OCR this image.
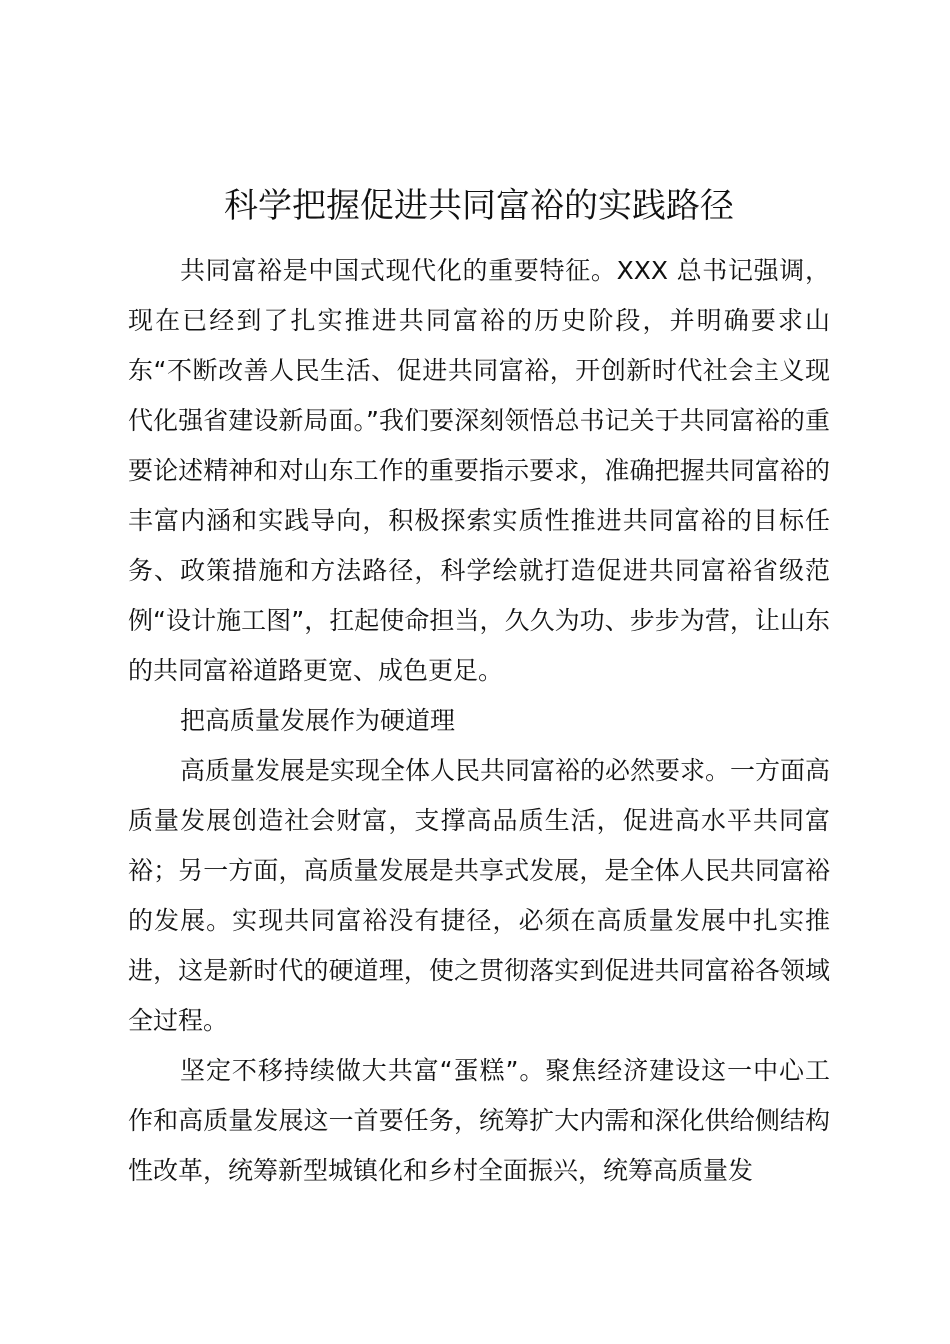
科学把握促进共同富裕的实践路径

共同富裕是中国式现代化的重要特征。XXX 总书记强调，现在已经到了扎实推进共同富裕的历史阶段，并明确要求山东“不断改善人民生活、促进共同富裕，开创新时代社会主义现代化强省建设新局面。”我们要深刻领悟总书记关于共同富裕的重要论述精神和对山东工作的重要指示要求，准确把握共同富裕的丰富内涵和实践导向，积极探索实质性推进共同富裕的目标任务、政策措施和方法路径，科学绘就打造促进共同富裕省级范例“设计施工图”，扛起使命担当，久久为功、步步为营，让山东的共同富裕道路更宽、成色更足。

把高质量发展作为硬道理

高质量发展是实现全体人民共同富裕的必然要求。一方面高质量发展创造社会财富，支撑高品质生活，促进高水平共同富裕；另一方面，高质量发展是共享式发展，是全体人民共同富裕的发展。实现共同富裕没有捷径，必须在高质量发展中扎实推进，这是新时代的硬道理，使之贯彻落实到促进共同富裕各领域全过程。

坚定不移持续做大共富“蛋糕”。聚焦经济建设这一中心工作和高质量发展这一首要任务，统筹扩大内需和深化供给侧结构性改革，统筹新型城镇化和乡村全面振兴，统筹高质量发
